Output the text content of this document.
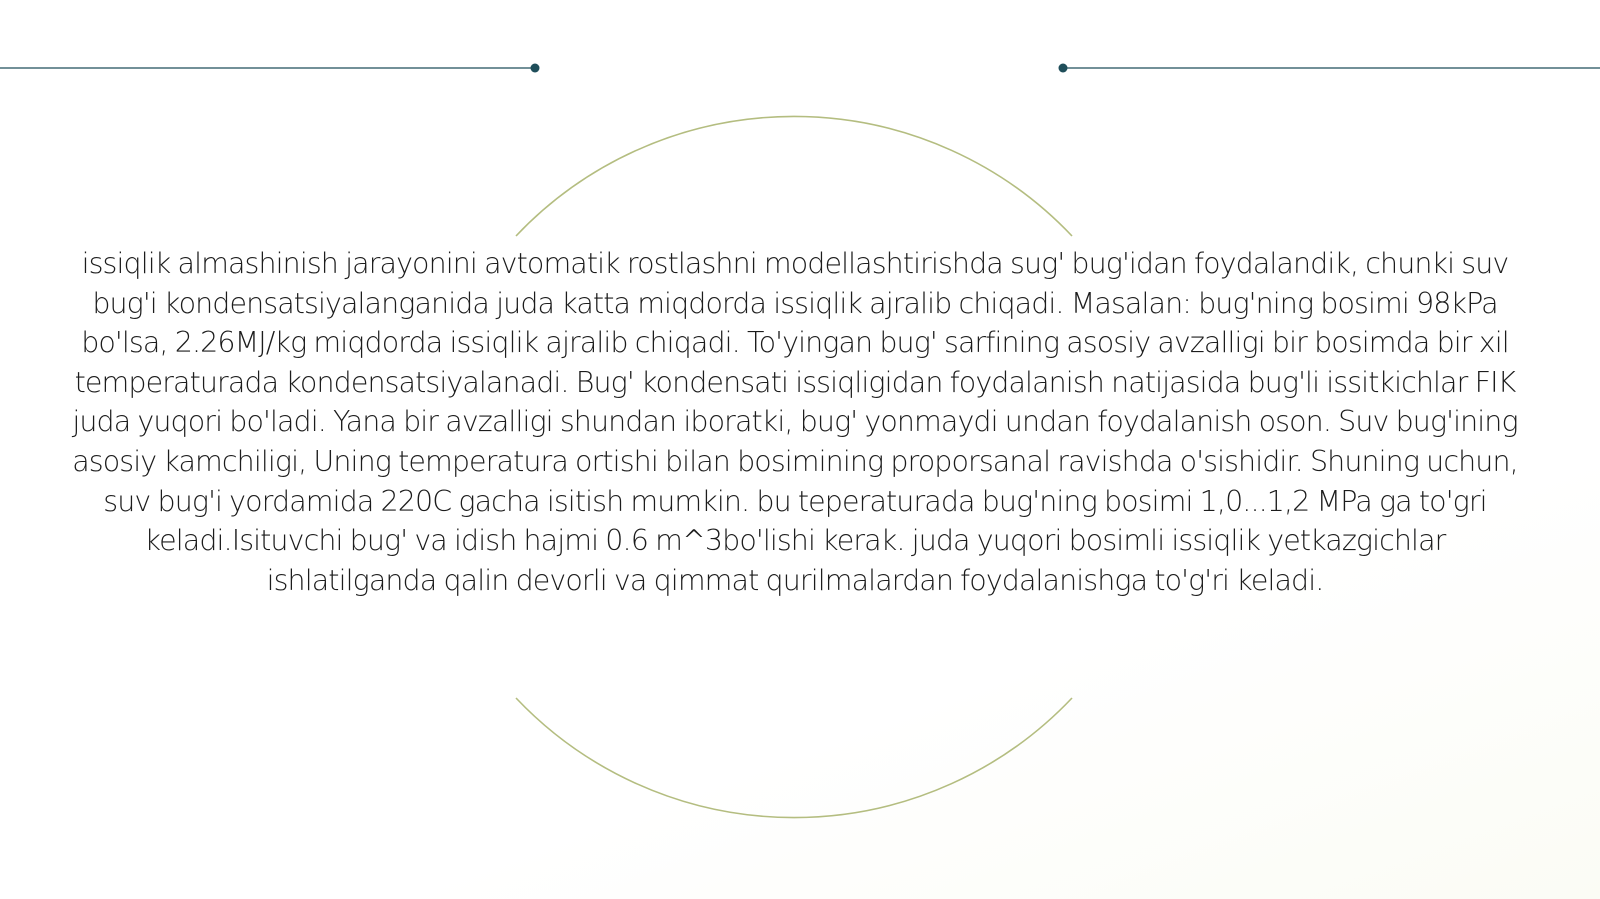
issiqlik almashinish jarayonini avtomatik rostlashni modellashtirishda sug' bug'idan foydalandik, chunki suv bug'i kondensatsiyalanganida juda katta miqdorda issiqlik ajralib chiqadi. Masalan: bug'ning bosimi 98kPa bo'lsa, 2.26MJ/kg miqdorda issiqlik ajralib chiqadi. To'yingan bug' sarfining asosiy avzalligi bir bosimda bir xil temperaturada kondensatsiyalanadi. Bug' kondensati issiqligidan foydalanish natijasida bug'li issitkichlar FIK juda yuqori bo'ladi. Yana bir avzalligi shundan iboratki, bug' yonmaydi undan foydalanish oson. Suv bug'ining asosiy kamchiligi, Uning temperatura ortishi bilan bosimining proporsanal ravishda o'sishidir. Shuning uchun, suv bug'i yordamida 220C gacha isitish mumkin. bu teperaturada bug'ning bosimi 1,0...1,2 MPa ga to'gri keladi.Isituvchi bug' va idish hajmi 0.6 m^3bo'lishi kerak. juda yuqori bosimli issiqlik yetkazgichlar ishlatilganda qalin devorli va qimmat qurilmalardan foydalanishga to'g'ri keladi.
